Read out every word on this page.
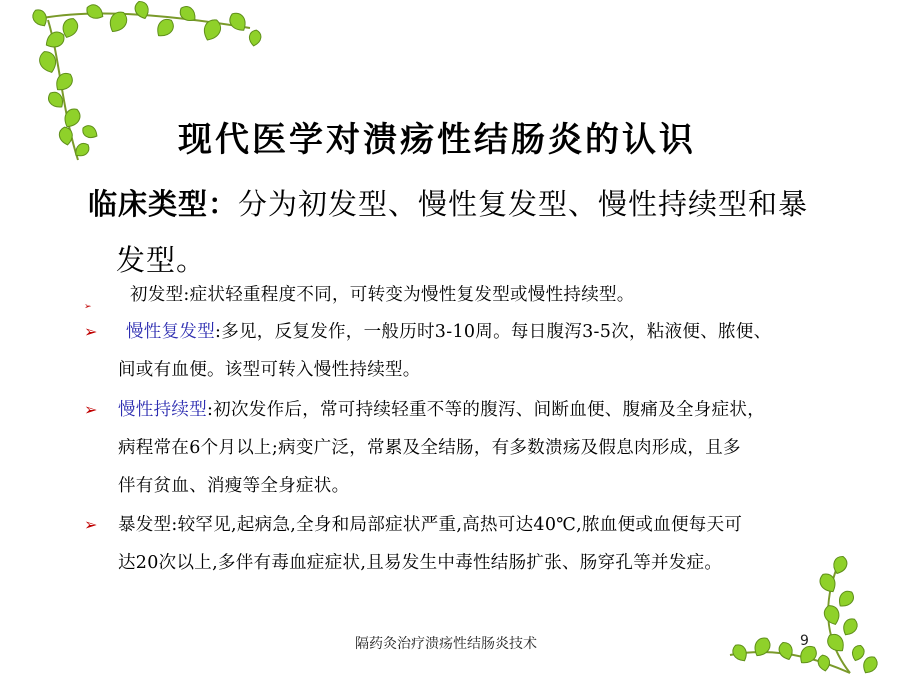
现代医学对溃疡性结肠炎的认识
临床类型：分为初发型、慢性复发型、慢性持续型和暴
发型。
➢
初发型:症状轻重程度不同，可转变为慢性复发型或慢性持续型。
➢	慢性复发型:多见，反复发作，一般历时3-10周。每日腹泻3-5次，粘液便、脓便、
间或有血便。该型可转入慢性持续型。
➢	慢性持续型:初次发作后，常可持续轻重不等的腹泻、间断血便、腹痛及全身症状，
病程常在6个月以上;病变广泛，常累及全结肠，有多数溃疡及假息肉形成，且多
伴有贫血、消瘦等全身症状。
➢	暴发型:较罕见,起病急,全身和局部症状严重,高热可达40℃,脓血便或血便每天可
达20次以上,多伴有毒血症症状,且易发生中毒性结肠扩张、肠穿孔等并发症。
隔药灸治疗溃疡性结肠炎技术	9
